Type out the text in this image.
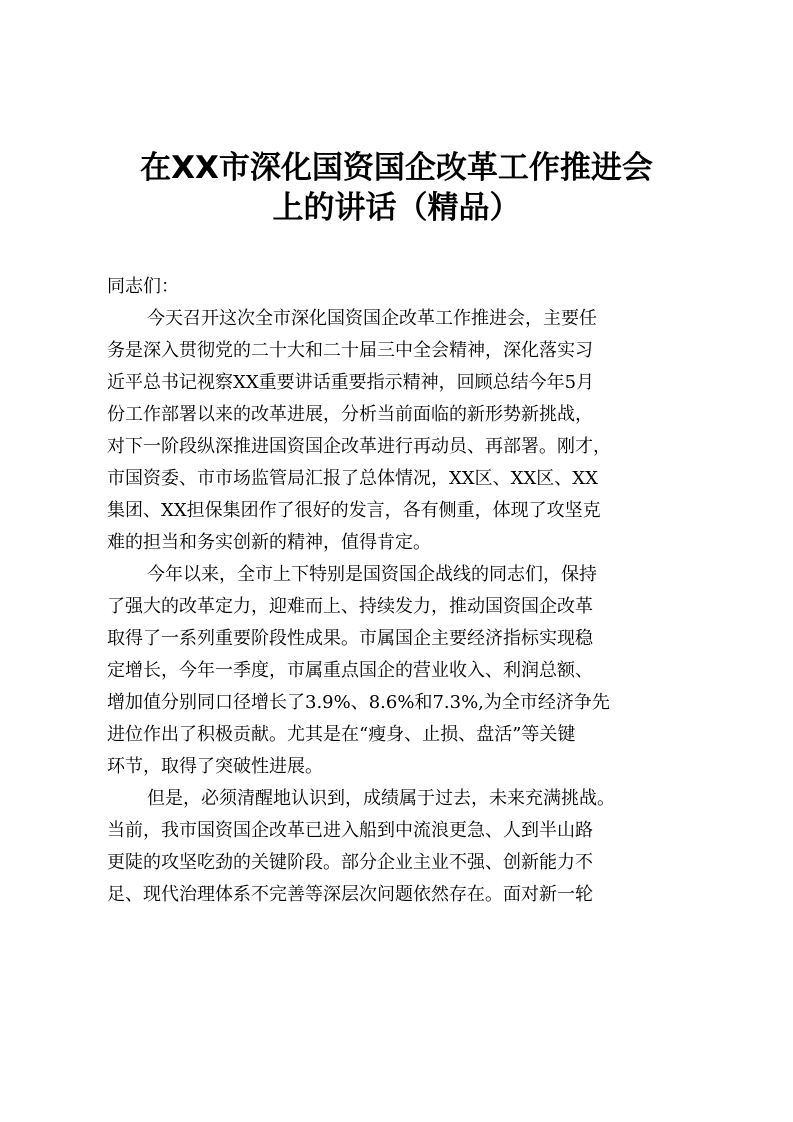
在XX市深化国资国企改革工作推进会
上的讲话（精品）

同志们：

今天召开这次全市深化国资国企改革工作推进会，主要任
务是深入贯彻党的二十大和二十届三中全会精神，深化落实习
近平总书记视察XX重要讲话重要指示精神，回顾总结今年5月
份工作部署以来的改革进展，分析当前面临的新形势新挑战，
对下一阶段纵深推进国资国企改革进行再动员、再部署。刚才，
市国资委、市市场监管局汇报了总体情况，XX区、XX区、XX
集团、XX担保集团作了很好的发言，各有侧重，体现了攻坚克
难的担当和务实创新的精神，值得肯定。
今年以来，全市上下特别是国资国企战线的同志们，保持
了强大的改革定力，迎难而上、持续发力，推动国资国企改革
取得了一系列重要阶段性成果。市属国企主要经济指标实现稳
定增长，今年一季度，市属重点国企的营业收入、利润总额、
增加值分别同口径增长了3.9%、8.6%和7.3%,为全市经济争先
进位作出了积极贡献。尤其是在“瘦身、止损、盘活”等关键
环节，取得了突破性进展。
但是，必须清醒地认识到，成绩属于过去，未来充满挑战。
当前，我市国资国企改革已进入船到中流浪更急、人到半山路
更陡的攻坚吃劲的关键阶段。部分企业主业不强、创新能力不
足、现代治理体系不完善等深层次问题依然存在。面对新一轮
